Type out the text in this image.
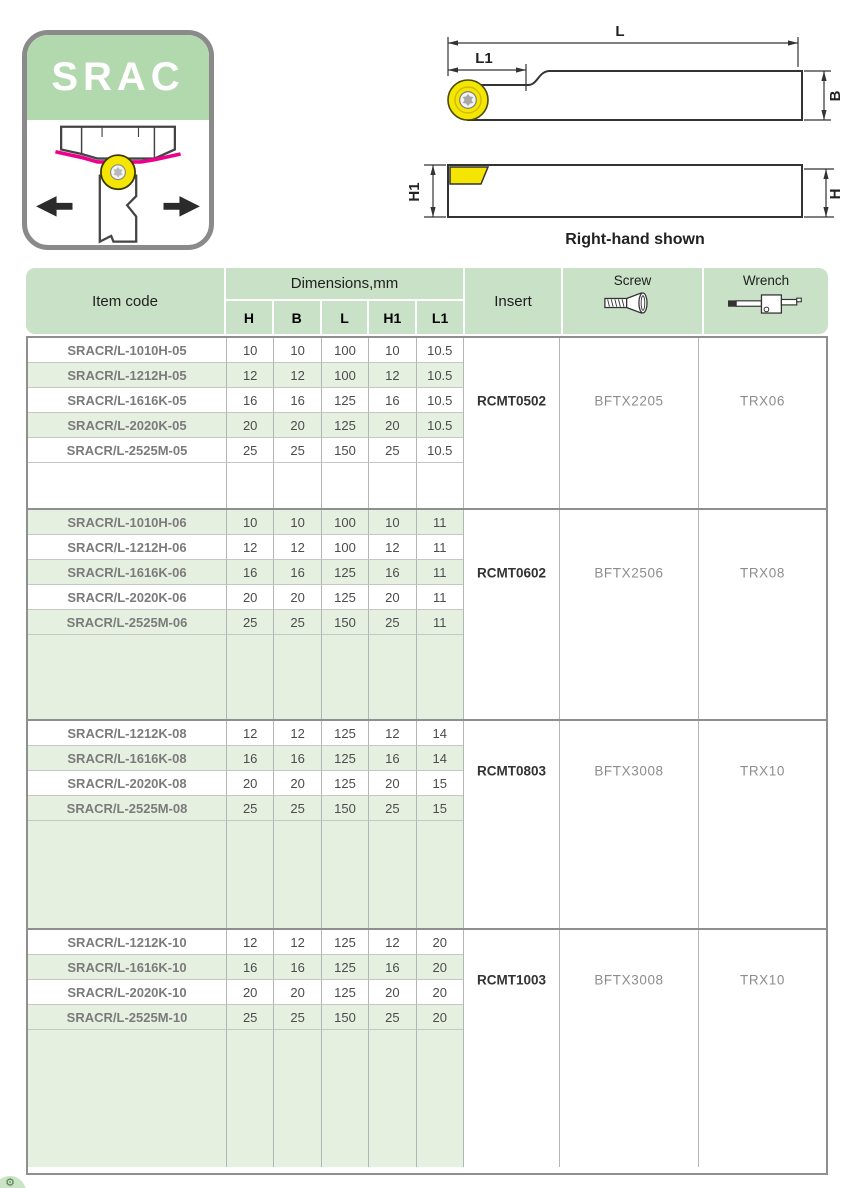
SRAC
L
L1
B
H1	H
Right-hand shown
Item code
Dimensions,mm
H	B	L	H1	L1
Insert
Screw	Wrench
SRACR/L-1010H-05	10	10	100	10	10.5
SRACR/L-1212H-05	12	12	100	12	10.5
SRACR/L-1616K-05	16	16	125	16	10.5
SRACR/L-2020K-05	20	20	125	20	10.5
SRACR/L-2525M-05	25	25	150	25	10.5
RCMT0502	BFTX2205	TRX06
SRACR/L-1010H-06	10	10	100	10	11
SRACR/L-1212H-06	12	12	100	12	11
SRACR/L-1616K-06	16	16	125	16	11
SRACR/L-2020K-06	20	20	125	20	11
SRACR/L-2525M-06	25	25	150	25	11
RCMT0602	BFTX2506	TRX08
SRACR/L-1212K-08	12	12	125	12	14
SRACR/L-1616K-08	16	16	125	16	14
SRACR/L-2020K-08	20	20	125	20	15
SRACR/L-2525M-08	25	25	150	25	15
RCMT0803	BFTX3008	TRX10
SRACR/L-1212K-10	12	12	125	12	20
SRACR/L-1616K-10	16	16	125	16	20
SRACR/L-2020K-10	20	20	125	20	20
SRACR/L-2525M-10	25	25	150	25	20
RCMT1003	BFTX3008	TRX10
⚙
